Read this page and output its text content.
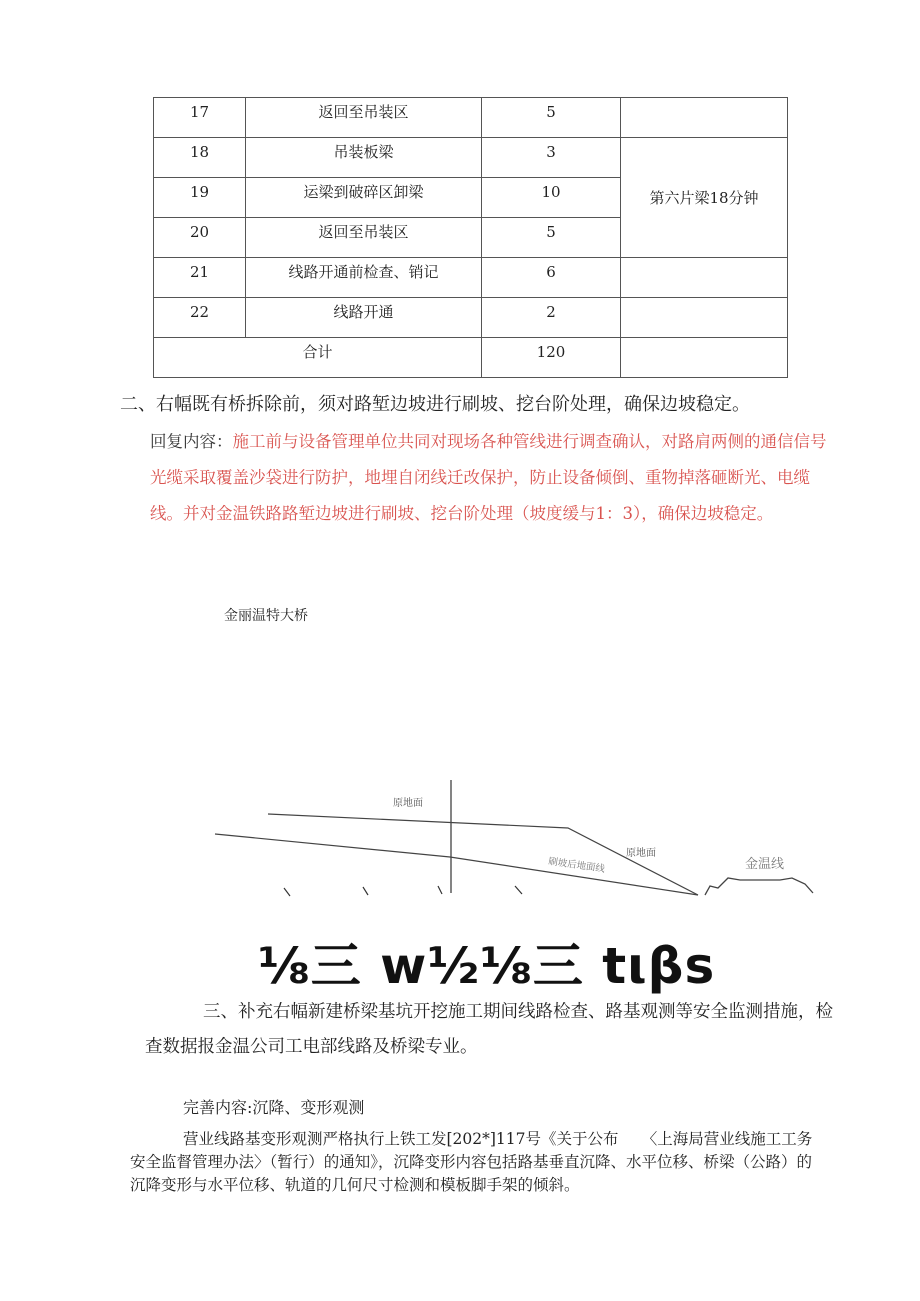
17	返回至吊装区	5	

18	吊装板梁	3	第六片梁18分钟

19	运梁到破碎区卸梁	10	

20	返回至吊装区	5	

21	线路开通前检查、销记	6	

22	线路开通	2	

合计		120	

二、右幅既有桥拆除前，须对路堑边坡进行刷坡、挖台阶处理，确保边坡稳定。
回复内容：施工前与设备管理单位共同对现场各种管线进行调查确认，对路肩两侧的通信信号光缆采取覆盖沙袋进行防护，地埋自闭线迁改保护，防止设备倾倒、重物掉落砸断光、电缆线。并对金温铁路路堑边坡进行刷坡、挖台阶处理（坡度缓与1：3），确保边坡稳定。
金丽温特大桥
原地面
原地面
刷坡后地面线	金温线
⅛三 w½⅛三 tιβs
三、补充右幅新建桥梁基坑开挖施工期间线路检查、路基观测等安全监测措施，检查数据报金温公司工电部线路及桥梁专业。
完善内容:沉降、变形观测
营业线路基变形观测严格执行上铁工发[202*]117号《关于公布　　〈上海局营业线施工工务安全监督管理办法〉（暂行）的通知》，沉降变形内容包括路基垂直沉降、水平位移、桥梁（公路）的沉降变形与水平位移、轨道的几何尺寸检测和模板脚手架的倾斜。
